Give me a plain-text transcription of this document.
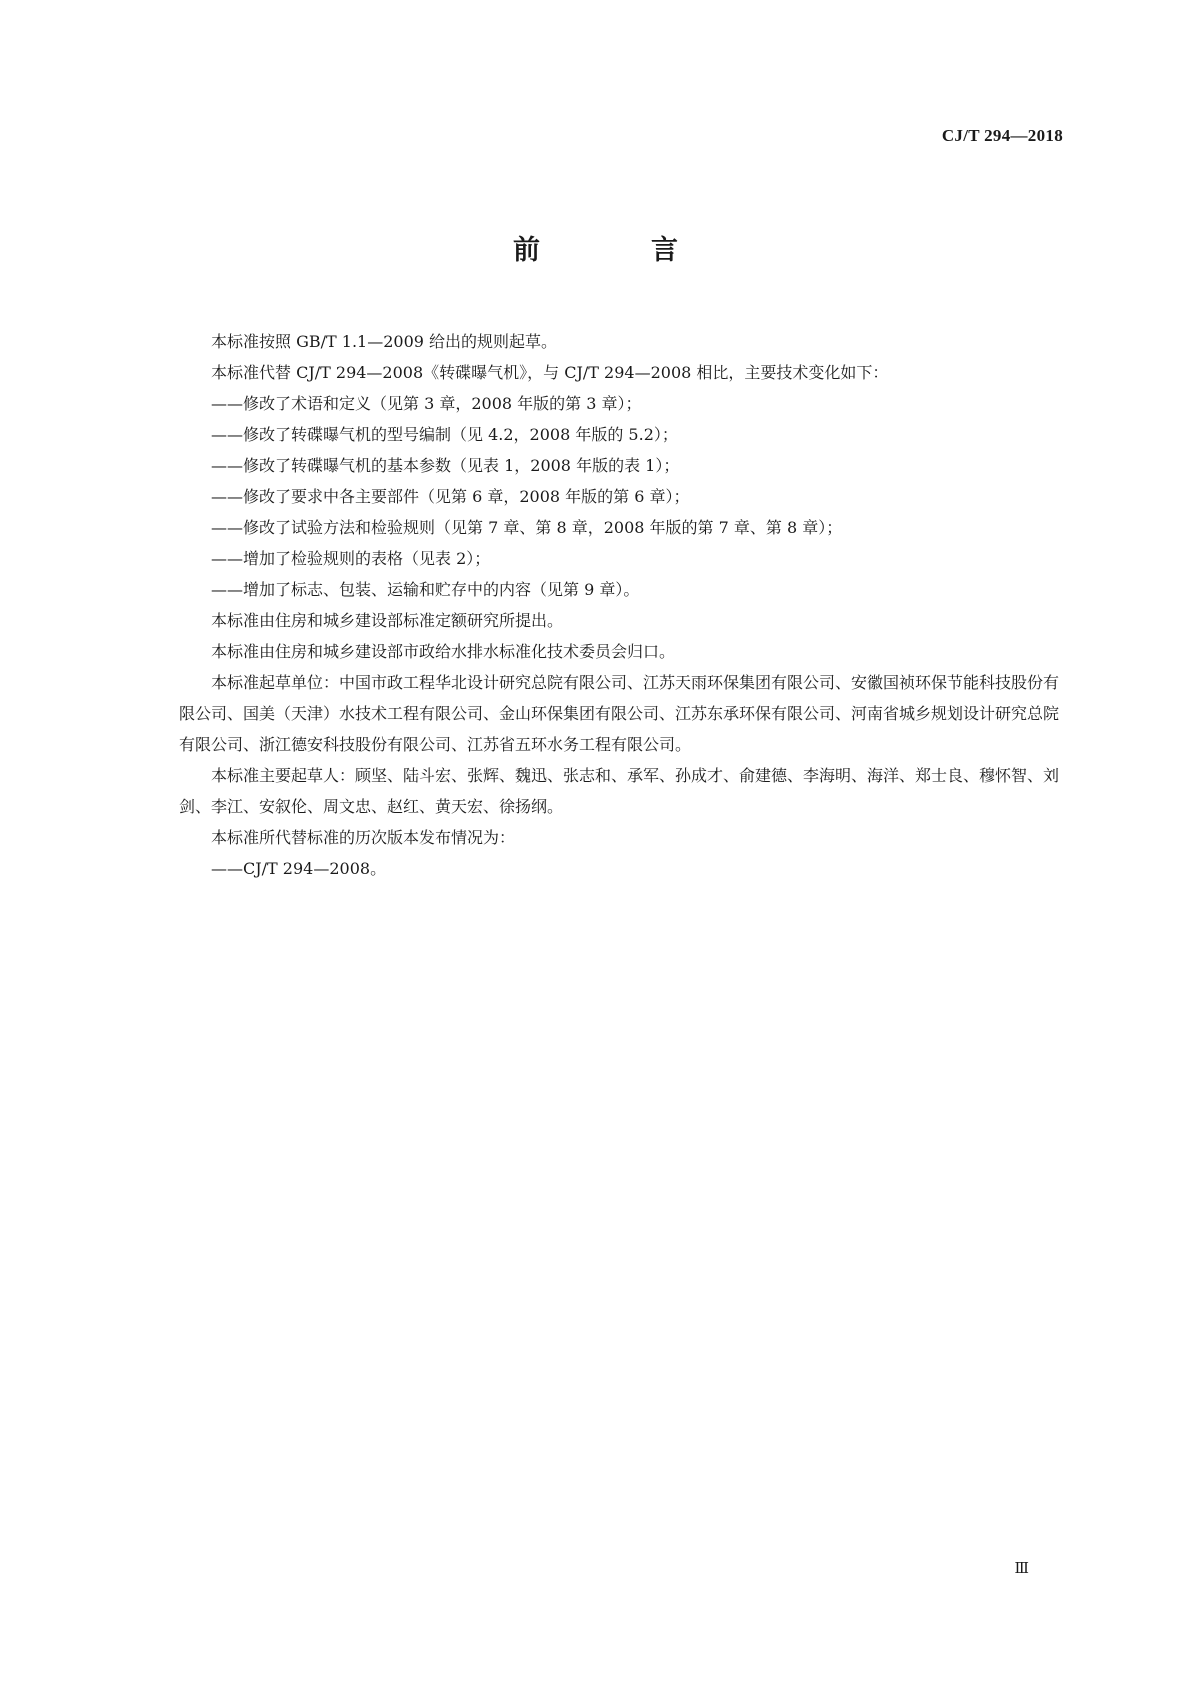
CJ/T 294—2018
前　言

本标准按照 GB/T 1.1—2009 给出的规则起草。

本标准代替 CJ/T 294—2008《转碟曝气机》，与 CJ/T 294—2008 相比，主要技术变化如下：

——修改了术语和定义（见第 3 章，2008 年版的第 3 章）；

——修改了转碟曝气机的型号编制（见 4.2，2008 年版的 5.2）；

——修改了转碟曝气机的基本参数（见表 1，2008 年版的表 1）；

——修改了要求中各主要部件（见第 6 章，2008 年版的第 6 章）；

——修改了试验方法和检验规则（见第 7 章、第 8 章，2008 年版的第 7 章、第 8 章）；

——增加了检验规则的表格（见表 2）；

——增加了标志、包装、运输和贮存中的内容（见第 9 章）。

本标准由住房和城乡建设部标准定额研究所提出。

本标准由住房和城乡建设部市政给水排水标准化技术委员会归口。

本标准起草单位：中国市政工程华北设计研究总院有限公司、江苏天雨环保集团有限公司、安徽国祯环保节能科技股份有限公司、国美（天津）水技术工程有限公司、金山环保集团有限公司、江苏东承环保有限公司、河南省城乡规划设计研究总院有限公司、浙江德安科技股份有限公司、江苏省五环水务工程有限公司。

本标准主要起草人：顾坚、陆斗宏、张辉、魏迅、张志和、承军、孙成才、俞建德、李海明、海洋、郑士良、穆怀智、刘剑、李江、安叙伦、周文忠、赵红、黄天宏、徐扬纲。

本标准所代替标准的历次版本发布情况为：

——CJ/T 294—2008。

Ⅲ
